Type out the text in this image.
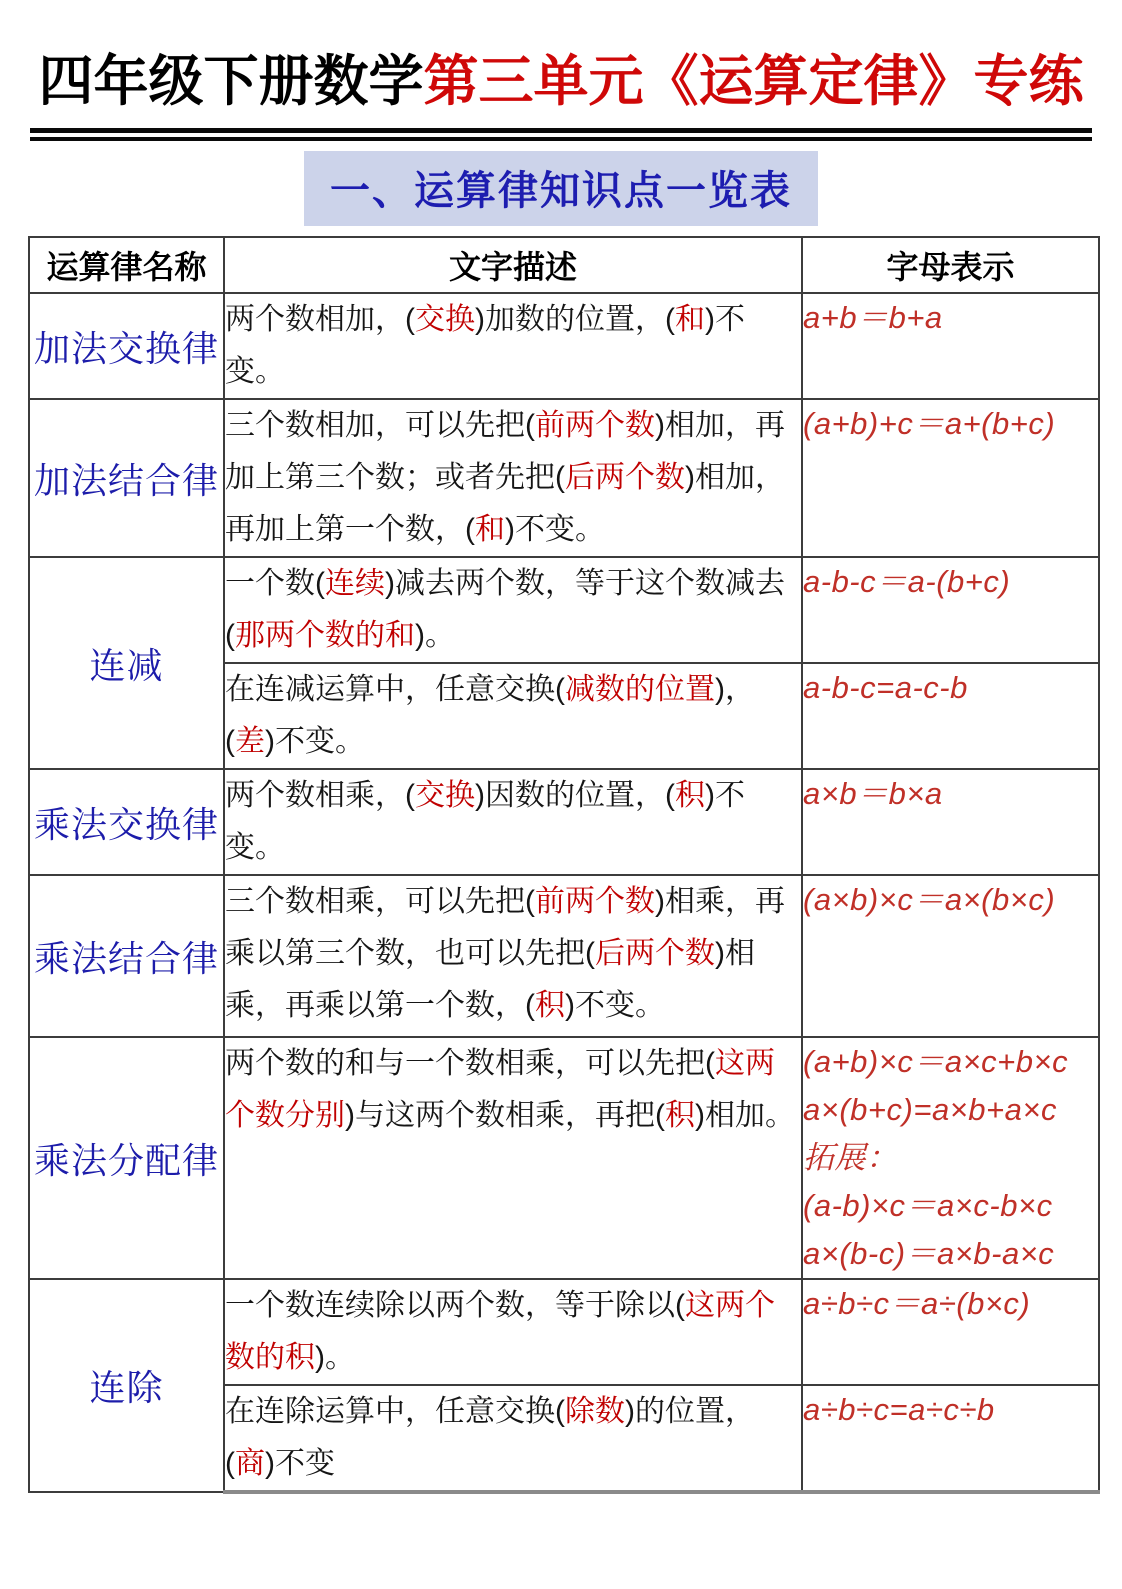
四年级下册数学第三单元《运算定律》专练
一、运算律知识点一览表
运算律名称	文字描述	字母表示
加法交换律	两个数相加，(交换)加数的位置，(和)不变。	a+b＝b+a

加法结合律	三个数相加，可以先把(前两个数)相加，再加上第三个数；或者先把(后两个数)相加，再加上第一个数，(和)不变。	(a+b)+c＝a+(b+c)

连减	一个数(连续)减去两个数，等于这个数减去(那两个数的和)。	a-b-c＝a-(b+c)

	在连减运算中，任意交换(减数的位置)，(差)不变。	a-b-c=a-c-b

乘法交换律	两个数相乘，(交换)因数的位置，(积)不变。	a×b＝b×a

乘法结合律	三个数相乘，可以先把(前两个数)相乘，再乘以第三个数，也可以先把(后两个数)相乘，再乘以第一个数，(积)不变。	(a×b)×c＝a×(b×c)

乘法分配律	两个数的和与一个数相乘，可以先把(这两个数分别)与这两个数相乘，再把(积)相加。	(a+b)×c＝a×c+b×c
a×(b+c)=a×b+a×c
拓展：
(a-b)×c＝a×c-b×c
a×(b-c)＝a×b-a×c

连除	一个数连续除以两个数，等于除以(这两个数的积)。	a÷b÷c＝a÷(b×c)

	在连除运算中，任意交换(除数)的位置，(商)不变	a÷b÷c=a÷c÷b
